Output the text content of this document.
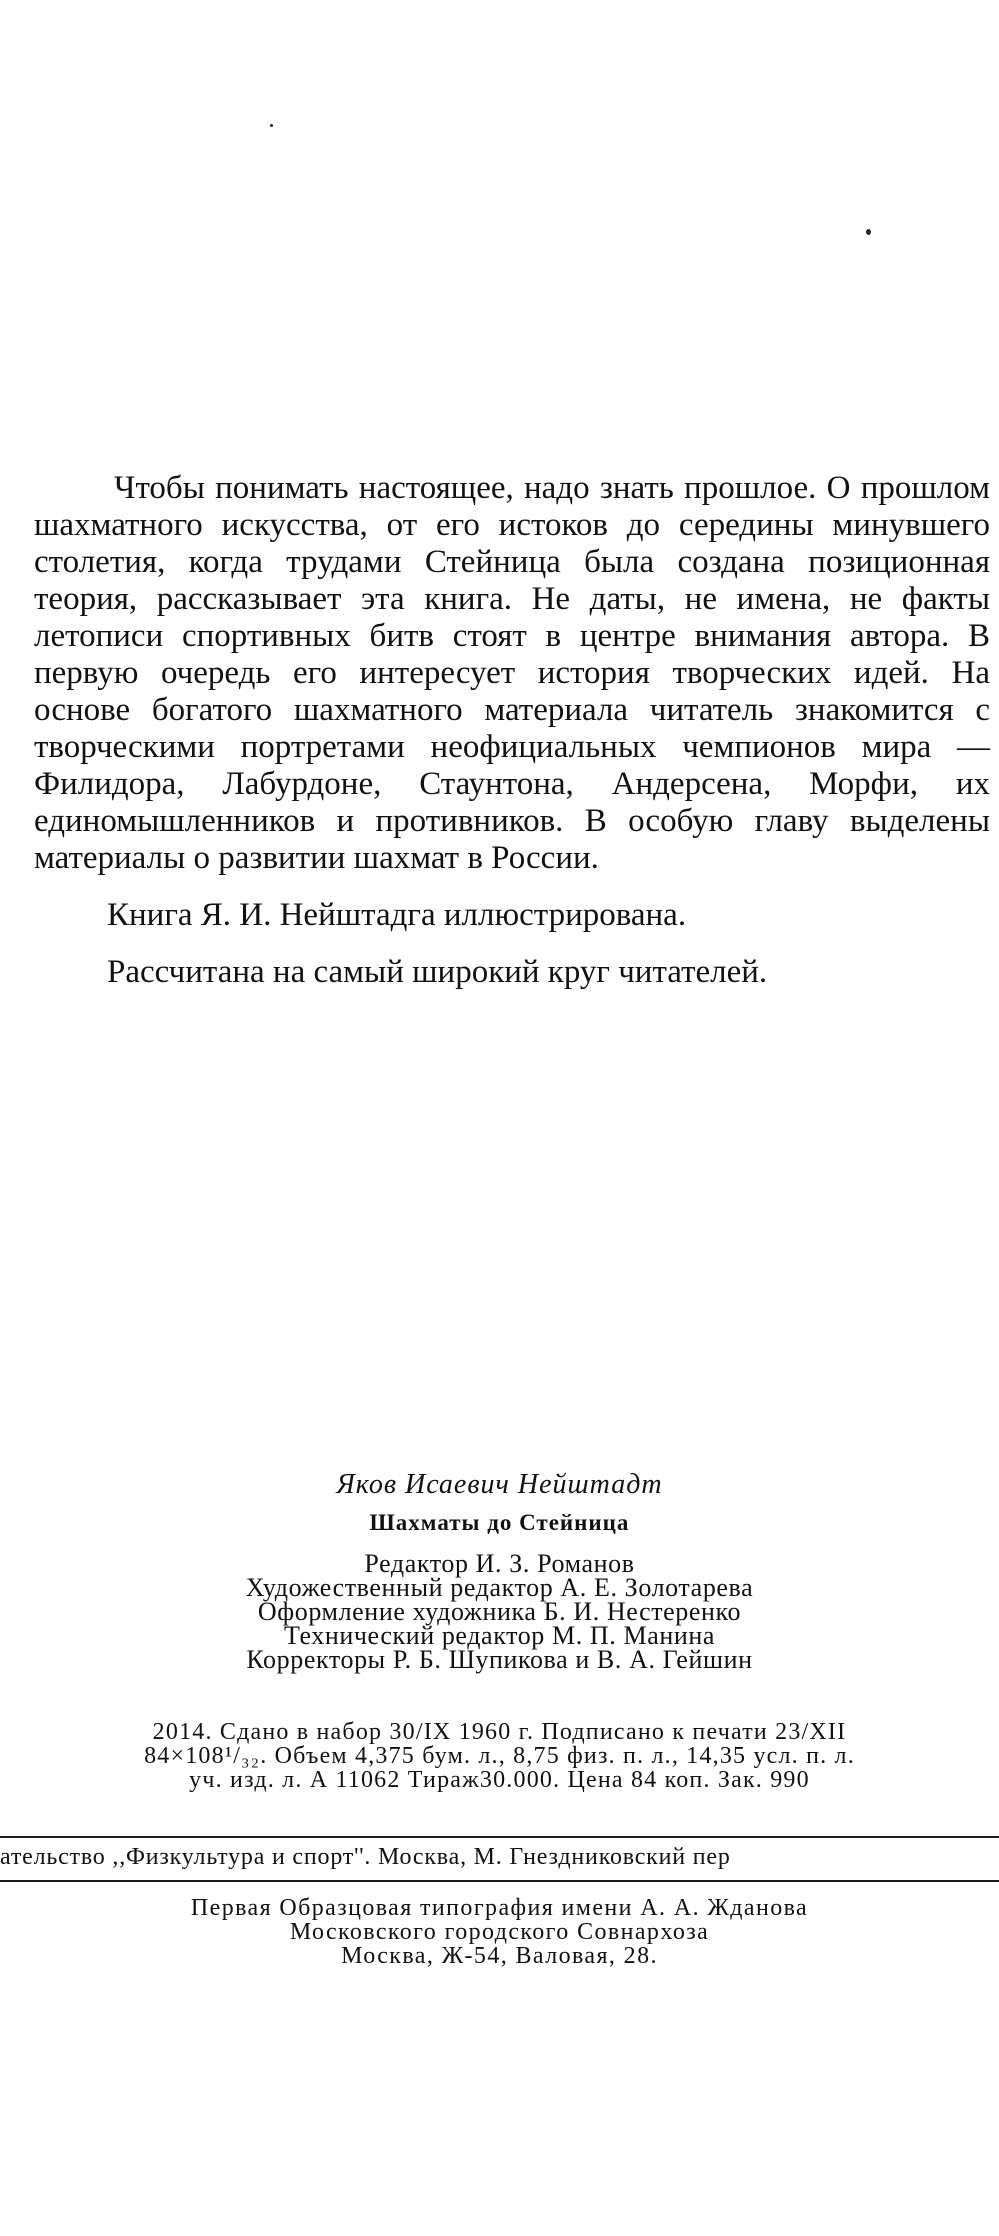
Чтобы понимать настоящее, надо знать прошлое. О прошлом шахматного искусства, от его истоков до середины минувшего столетия, когда трудами Стейница была создана позиционная теория, рассказывает эта книга. Не даты, не имена, не факты летописи спортивных битв стоят в центре внимания автора. В первую очередь его интересует история творческих идей. На основе богатого шахматного материала читатель знакомится с творческими портретами неофициальных чемпионов мира — Филидора, Лабурдоне, Стаунтона, Андерсена, Морфи, их единомышленников и противников. В особую главу выделены материалы о развитии шахмат в России.

Книга Я. И. Нейштадга иллюстрирована.

Рассчитана на самый широкий круг читателей.

Яков Исаевич Нейштадт
Шахматы до Стейница
Редактор И. З. Романов
Художественный редактор А. Е. Золотарева
Оформление художника Б. И. Нестеренко
Технический редактор М. П. Манина
Корректоры Р. Б. Шупикова и В. А. Гейшин
2014. Сдано в набор 30/IX 1960 г. Подписано к печати 23/XII
84×108¹/₃₂. Объем 4,375 бум. л., 8,75 физ. п. л., 14,35 усл. п. л.
уч. изд. л. А 11062 Тираж30.000. Цена 84 коп. Зак. 990
ательство ,,Физкультура и спорт''. Москва, М. Гнездниковский пер
Первая Образцовая типография имени А. А. Жданова
Московского городского Совнархоза
Москва, Ж-54, Валовая, 28.
